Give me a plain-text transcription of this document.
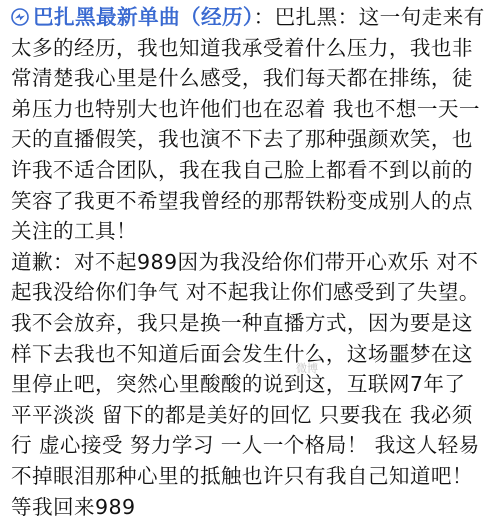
巴扎黑最新单曲（经历）：巴扎黑：这一句走来有太多的经历，我也知道我承受着什么压力，我也非常清楚我心里是什么感受，我们每天都在排练，徒弟压力也特别大也许他们也在忍着 我也不想一天一天的直播假笑，我也演不下去了那种强颜欢笑，也许我不适合团队，我在我自己脸上都看不到以前的笑容了我更不希望我曾经的那帮铁粉变成别人的点关注的工具！

道歉：对不起989因为我没给你们带开心欢乐 对不起我没给你们争气 对不起我让你们感受到了失望。

我不会放弃，我只是换一种直播方式，因为要是这样下去我也不知道后面会发生什么，这场噩梦在这里停止吧，突然心里酸酸的说到这，互联网7年了 平平淡淡 留下的都是美好的回忆 只要我在 我必须行 虚心接受 努力学习 一人一个格局！ 我这人轻易不掉眼泪那种心里的抵触也许只有我自己知道吧！等我回来989

微博
